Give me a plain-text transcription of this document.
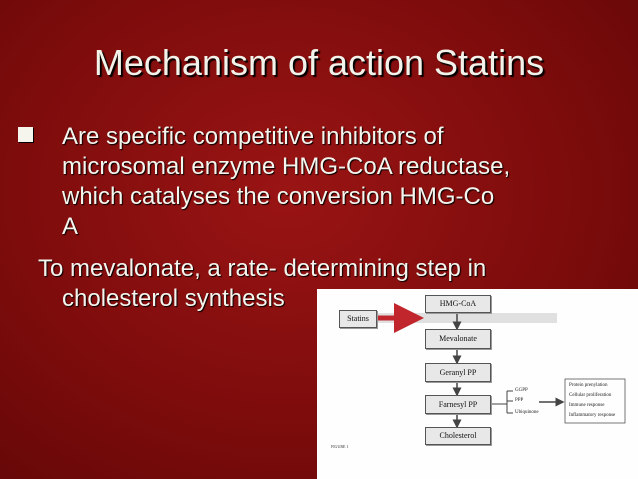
Mechanism of action Statins
Are specific competitive inhibitors of
microsomal enzyme HMG-CoA reductase,
which catalyses the conversion HMG-Co
A
To mevalonate, a rate- determining step in
cholesterol synthesis
Statins
HMG-CoA
Mevalonate
Geranyl PP
Farnesyl PP
Cholesterol
GGPP
PPP
Ubiquinone
Protein prenylation
Cellular proliferation
Immune response
Inflammatory response
FIGURE 1
